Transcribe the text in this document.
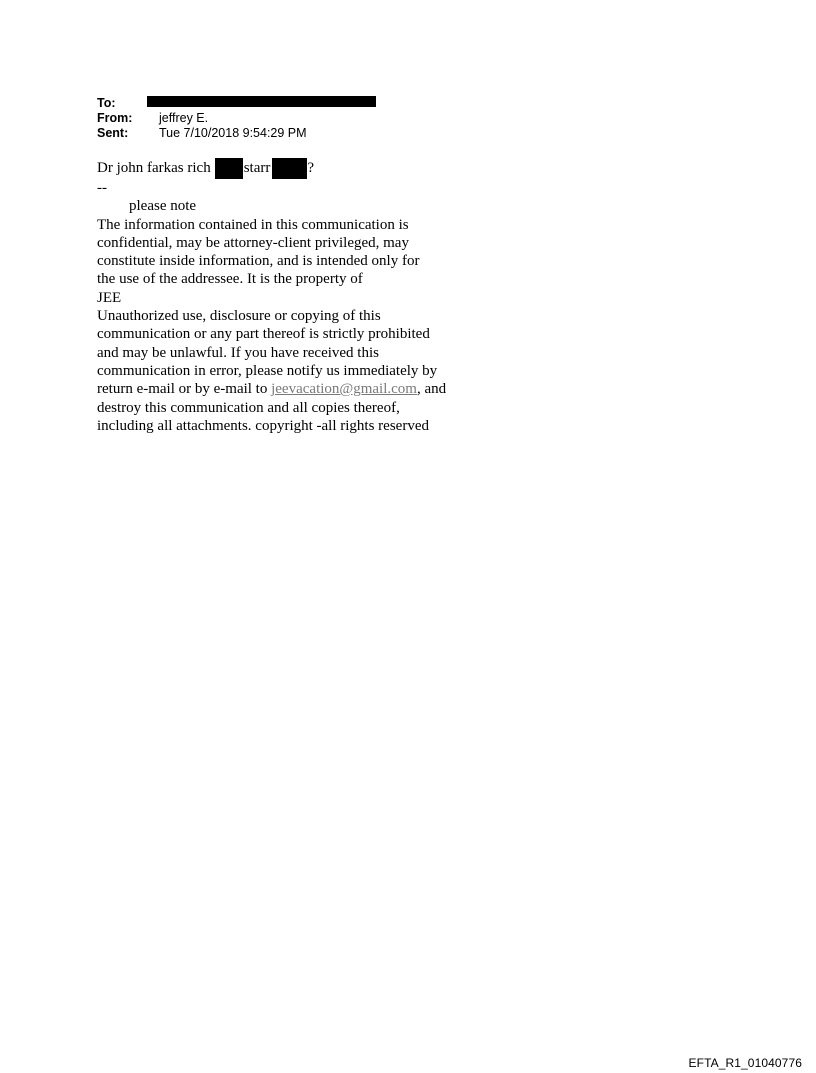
To:
From:	jeffrey E.
Sent:	Tue 7/10/2018 9:54:29 PM
Dr john farkas rich starr ?
--
please note
The information contained in this communication is
confidential, may be attorney-client privileged, may
constitute inside information, and is intended only for
the use of the addressee. It is the property of
JEE
Unauthorized use, disclosure or copying of this
communication or any part thereof is strictly prohibited
and may be unlawful. If you have received this
communication in error, please notify us immediately by
return e-mail or by e-mail to jeevacation@gmail.com, and
destroy this communication and all copies thereof,
including all attachments. copyright -all rights reserved
EFTA_R1_01040776
